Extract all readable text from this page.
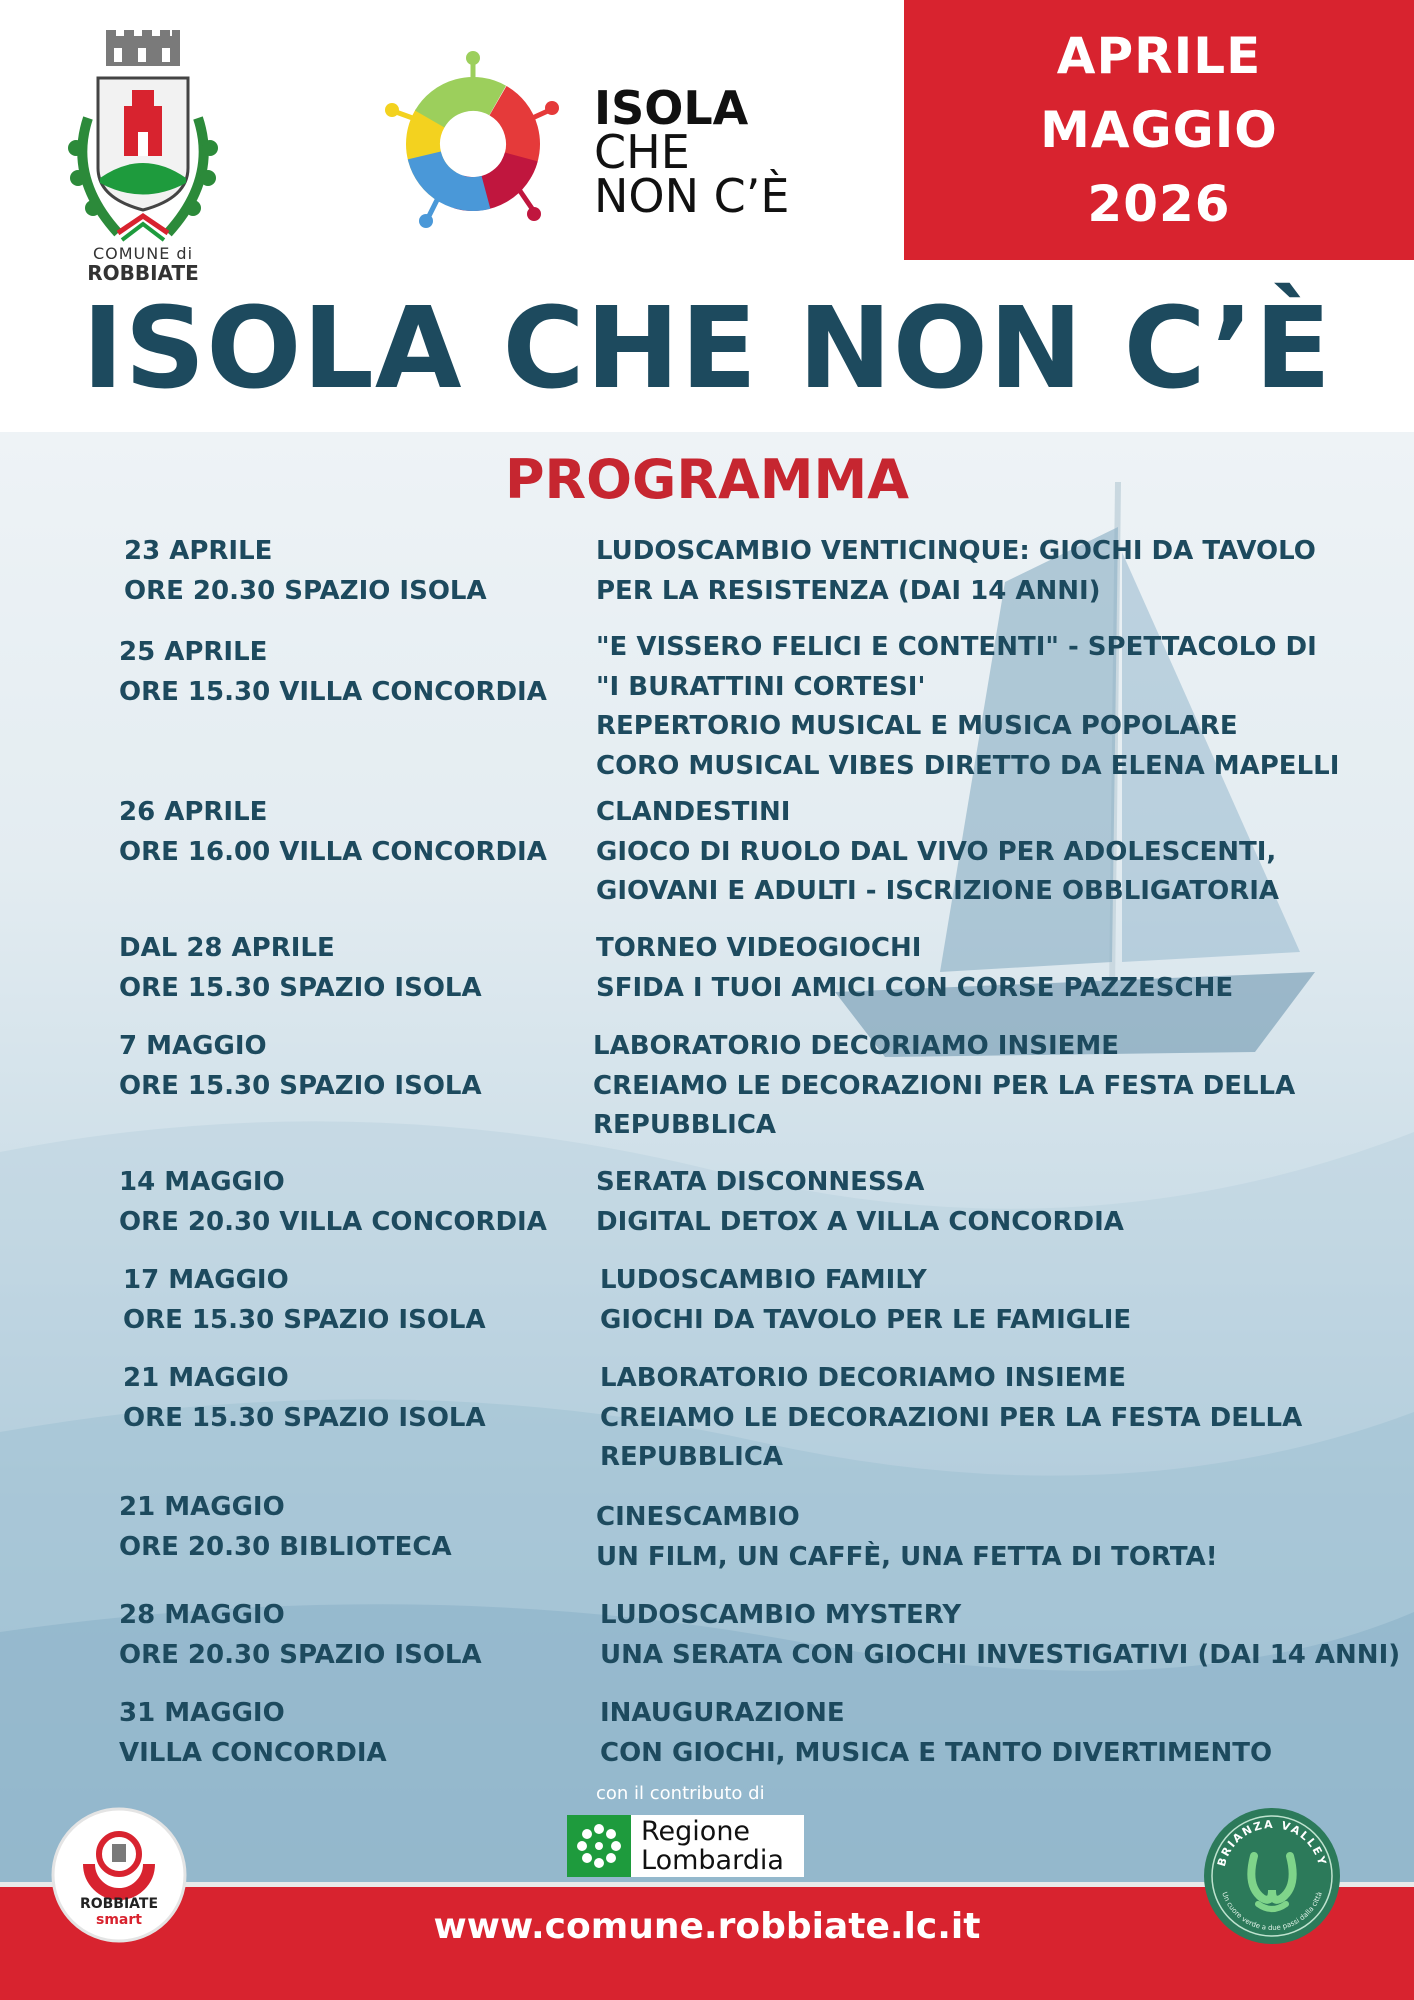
COMUNE di
ROBBIATE
ISOLA
CHE
NON C’È
APRILE
MAGGIO
2026
ISOLA CHE NON C’È
PROGRAMMA
23 APRILE
ORE 20.30 SPAZIO ISOLA
LUDOSCAMBIO VENTICINQUE: GIOCHI DA TAVOLO
PER LA RESISTENZA (DAI 14 ANNI)
25 APRILE
ORE 15.30 VILLA CONCORDIA
"E VISSERO FELICI E CONTENTI" - SPETTACOLO DI
"I BURATTINI CORTESI'
REPERTORIO MUSICAL E MUSICA POPOLARE
CORO MUSICAL VIBES DIRETTO DA ELENA MAPELLI
26 APRILE
ORE 16.00 VILLA CONCORDIA
CLANDESTINI
GIOCO DI RUOLO DAL VIVO PER ADOLESCENTI,
GIOVANI E ADULTI - ISCRIZIONE OBBLIGATORIA
DAL 28 APRILE
ORE 15.30 SPAZIO ISOLA
TORNEO VIDEOGIOCHI
SFIDA I TUOI AMICI CON CORSE PAZZESCHE
7 MAGGIO
ORE 15.30 SPAZIO ISOLA
LABORATORIO DECORIAMO INSIEME
CREIAMO LE DECORAZIONI PER LA FESTA DELLA
REPUBBLICA
14 MAGGIO
ORE 20.30 VILLA CONCORDIA
SERATA DISCONNESSA
DIGITAL DETOX A VILLA CONCORDIA
17 MAGGIO
ORE 15.30 SPAZIO ISOLA
LUDOSCAMBIO FAMILY
GIOCHI DA TAVOLO PER LE FAMIGLIE
21 MAGGIO
ORE 15.30 SPAZIO ISOLA
LABORATORIO DECORIAMO INSIEME
CREIAMO LE DECORAZIONI PER LA FESTA DELLA
REPUBBLICA
21 MAGGIO
ORE 20.30 BIBLIOTECA
CINESCAMBIO
UN FILM, UN CAFFÈ, UNA FETTA DI TORTA!
28 MAGGIO
ORE 20.30 SPAZIO ISOLA
LUDOSCAMBIO MYSTERY
UNA SERATA CON GIOCHI INVESTIGATIVI (DAI 14 ANNI)
31 MAGGIO
VILLA CONCORDIA
INAUGURAZIONE
CON GIOCHI, MUSICA E TANTO DIVERTIMENTO
con il contributo di
Regione
Lombardia
www.comune.robbiate.lc.it
ROBBIATE
smart
BRIANZA VALLEY
Un cuore verde a due passi dalla città
